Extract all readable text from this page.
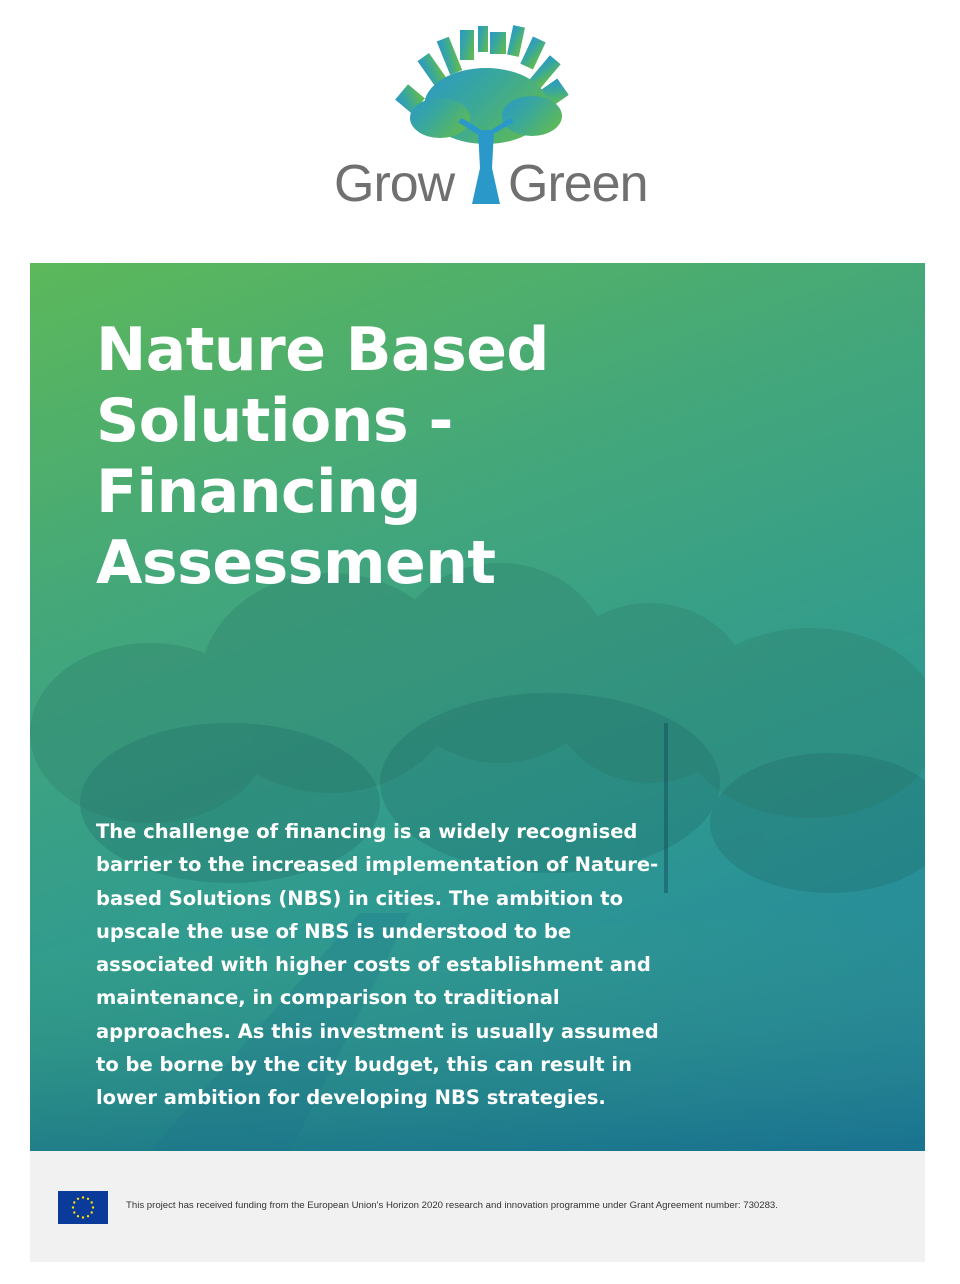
Grow Green
Nature Based Solutions - Financing Assessment

The challenge of financing is a widely recognised barrier to the increased implementation of Nature-based Solutions (NBS) in cities. The ambition to upscale the use of NBS is understood to be associated with higher costs of establishment and maintenance, in comparison to traditional approaches. As this investment is usually assumed to be borne by the city budget, this can result in lower ambition for developing NBS strategies.

This project has received funding from the European Union's Horizon 2020 research and innovation programme under Grant Agreement number: 730283.
